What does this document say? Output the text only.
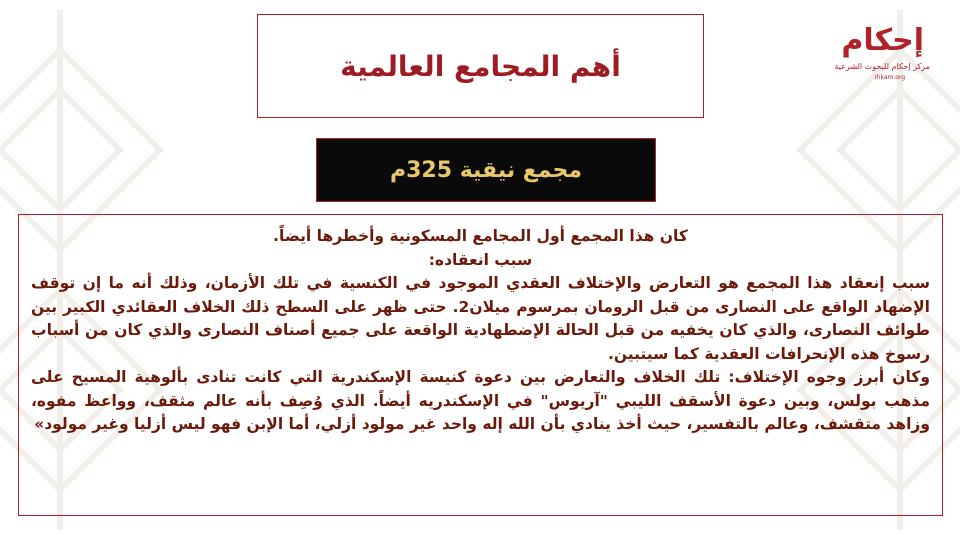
إحكام
مركز إحكام للبحوث الشرعية
Ihkam.org
أهم المجامع العالمية
مجمع نيقية 325م

كان هذا المجمع أول المجامع المسكونية وأخطرها أيضاً.

سبب انعقاده:

سبب إنعقاد هذا المجمع هو التعارض والإختلاف العقدي الموجود في الكنسية في تلك الأزمان، وذلك أنه ما إن توقف الإضهاد الواقع على النصارى من قبل الرومان بمرسوم ميلان2. حتى ظهر على السطح ذلك الخلاف العقائدي الكبير بين طوائف النصارى، والذي كان يخفيه من قبل الحالة الإضطهادية الواقعة على جميع أصناف النصارى والذي كان من أسباب رسوخ هذه الإنحرافات العقدية كما سيتبين.

وكان أبرز وجوه الإختلاف: تلك الخلاف والتعارض بين دعوة كنيسة الإسكندرية التي كانت تنادى بألوهية المسيح على مذهب بولس، وبين دعوة الأسقف الليبي "آريوس" في الإسكندريه أيضاً. الذي وُصِف بأنه عالم مثقف، وواعظ مفوه، وزاهد متقشف، وعالم بالتفسير، حيث أخذ ينادي بأن الله إله واحد غير مولود أزلي، أما الإبن فهو ليس أزليا وغير مولود»
